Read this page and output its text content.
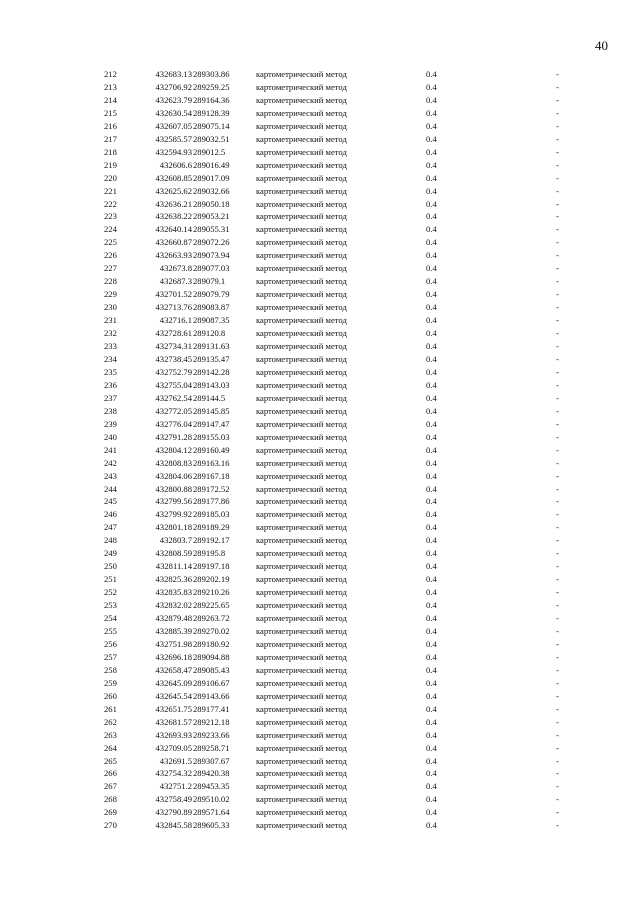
40
212	432683.13	289303.86	картометрический метод	0.4	-
213	432706.92	289259.25	картометрический метод	0.4	-
214	432623.79	289164.36	картометрический метод	0.4	-
215	432630.54	289128.39	картометрический метод	0.4	-
216	432607.05	289075.14	картометрический метод	0.4	-
217	432585.57	289032.51	картометрический метод	0.4	-
218	432594.93	289012.5	картометрический метод	0.4	-
219	432606.6	289016.49	картометрический метод	0.4	-
220	432608.85	289017.09	картометрический метод	0.4	-
221	432625.62	289032.66	картометрический метод	0.4	-
222	432636.21	289050.18	картометрический метод	0.4	-
223	432638.22	289053.21	картометрический метод	0.4	-
224	432640.14	289055.31	картометрический метод	0.4	-
225	432660.87	289072.26	картометрический метод	0.4	-
226	432663.93	289073.94	картометрический метод	0.4	-
227	432673.8	289077.03	картометрический метод	0.4	-
228	432687.3	289079.1	картометрический метод	0.4	-
229	432701.52	289079.79	картометрический метод	0.4	-
230	432713.76	289083.87	картометрический метод	0.4	-
231	432716.1	289087.35	картометрический метод	0.4	-
232	432728.61	289120.8	картометрический метод	0.4	-
233	432734.31	289131.63	картометрический метод	0.4	-
234	432738.45	289135.47	картометрический метод	0.4	-
235	432752.79	289142.28	картометрический метод	0.4	-
236	432755.04	289143.03	картометрический метод	0.4	-
237	432762.54	289144.5	картометрический метод	0.4	-
238	432772.05	289145.85	картометрический метод	0.4	-
239	432776.04	289147.47	картометрический метод	0.4	-
240	432791.28	289155.03	картометрический метод	0.4	-
241	432804.12	289160.49	картометрический метод	0.4	-
242	432808.83	289163.16	картометрический метод	0.4	-
243	432804.06	289167.18	картометрический метод	0.4	-
244	432800.88	289172.52	картометрический метод	0.4	-
245	432799.56	289177.86	картометрический метод	0.4	-
246	432799.92	289185.03	картометрический метод	0.4	-
247	432801.18	289189.29	картометрический метод	0.4	-
248	432803.7	289192.17	картометрический метод	0.4	-
249	432808.59	289195.8	картометрический метод	0.4	-
250	432811.14	289197.18	картометрический метод	0.4	-
251	432825.36	289202.19	картометрический метод	0.4	-
252	432835.83	289210.26	картометрический метод	0.4	-
253	432832.02	289225.65	картометрический метод	0.4	-
254	432879.48	289263.72	картометрический метод	0.4	-
255	432885.39	289270.02	картометрический метод	0.4	-
256	432751.98	289180.92	картометрический метод	0.4	-
257	432696.18	289094.88	картометрический метод	0.4	-
258	432658.47	289085.43	картометрический метод	0.4	-
259	432645.09	289106.67	картометрический метод	0.4	-
260	432645.54	289143.66	картометрический метод	0.4	-
261	432651.75	289177.41	картометрический метод	0.4	-
262	432681.57	289212.18	картометрический метод	0.4	-
263	432693.93	289233.66	картометрический метод	0.4	-
264	432709.05	289258.71	картометрический метод	0.4	-
265	432691.5	289307.67	картометрический метод	0.4	-
266	432754.32	289420.38	картометрический метод	0.4	-
267	432751.2	289453.35	картометрический метод	0.4	-
268	432758.49	289510.02	картометрический метод	0.4	-
269	432790.89	289571.64	картометрический метод	0.4	-
270	432845.58	289605.33	картометрический метод	0.4	-
